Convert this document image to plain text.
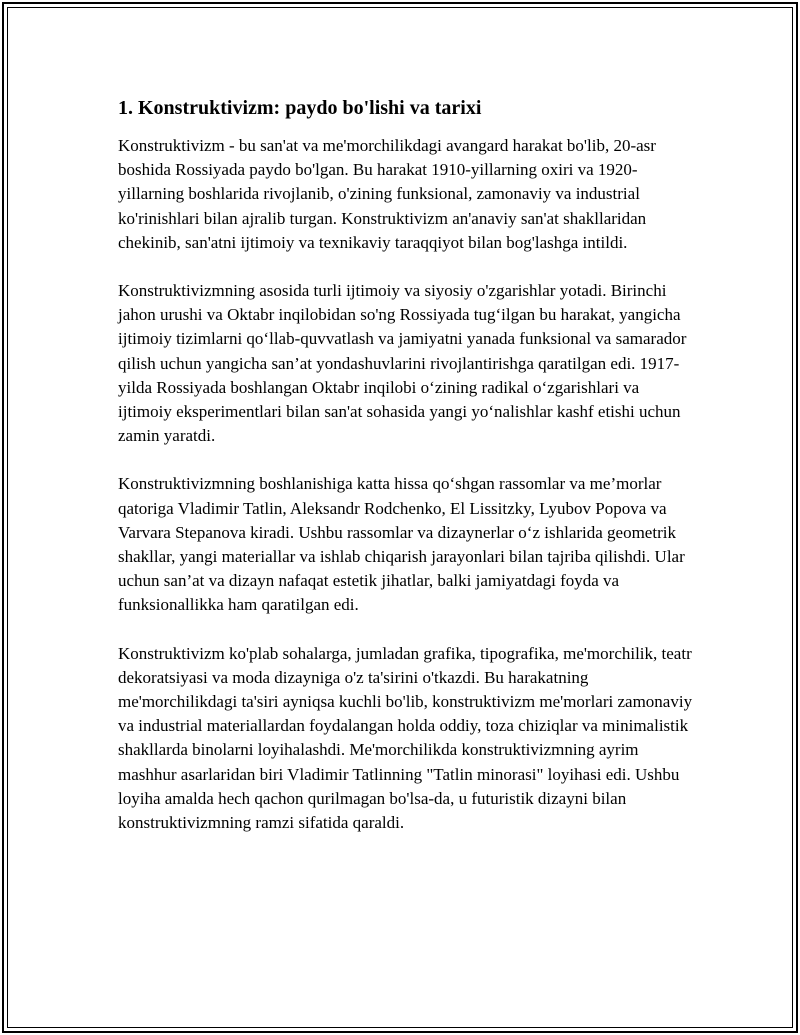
1. Konstruktivizm: paydo bo'lishi va tarixi

Konstruktivizm - bu san'at va me'morchilikdagi avangard harakat bo'lib, 20-asr boshida Rossiyada paydo bo'lgan. Bu harakat 1910-yillarning oxiri va 1920-yillarning boshlarida rivojlanib, o'zining funksional, zamonaviy va industrial ko'rinishlari bilan ajralib turgan. Konstruktivizm an'anaviy san'at shakllaridan chekinib, san'atni ijtimoiy va texnikaviy taraqqiyot bilan bog'lashga intildi.

Konstruktivizmning asosida turli ijtimoiy va siyosiy o'zgarishlar yotadi. Birinchi jahon urushi va Oktabr inqilobidan so'ng Rossiyada tug‘ilgan bu harakat, yangicha ijtimoiy tizimlarni qo‘llab-quvvatlash va jamiyatni yanada funksional va samarador qilish uchun yangicha san’at yondashuvlarini rivojlantirishga qaratilgan edi. 1917-yilda Rossiyada boshlangan Oktabr inqilobi o‘zining radikal o‘zgarishlari va ijtimoiy eksperimentlari bilan san'at sohasida yangi yo‘nalishlar kashf etishi uchun zamin yaratdi.

Konstruktivizmning boshlanishiga katta hissa qo‘shgan rassomlar va me’morlar qatoriga Vladimir Tatlin, Aleksandr Rodchenko, El Lissitzky, Lyubov Popova va Varvara Stepanova kiradi. Ushbu rassomlar va dizaynerlar o‘z ishlarida geometrik shakllar, yangi materiallar va ishlab chiqarish jarayonlari bilan tajriba qilishdi. Ular uchun san’at va dizayn nafaqat estetik jihatlar, balki jamiyatdagi foyda va funksionallikka ham qaratilgan edi.

Konstruktivizm ko'plab sohalarga, jumladan grafika, tipografika, me'morchilik, teatr dekoratsiyasi va moda dizayniga o'z ta'sirini o'tkazdi. Bu harakatning me'morchilikdagi ta'siri ayniqsa kuchli bo'lib, konstruktivizm me'morlari zamonaviy va industrial materiallardan foydalangan holda oddiy, toza chiziqlar va minimalistik shakllarda binolarni loyihalashdi. Me'morchilikda konstruktivizmning ayrim mashhur asarlaridan biri Vladimir Tatlinning "Tatlin minorasi" loyihasi edi. Ushbu loyiha amalda hech qachon qurilmagan bo'lsa-da, u futuristik dizayni bilan konstruktivizmning ramzi sifatida qaraldi.
